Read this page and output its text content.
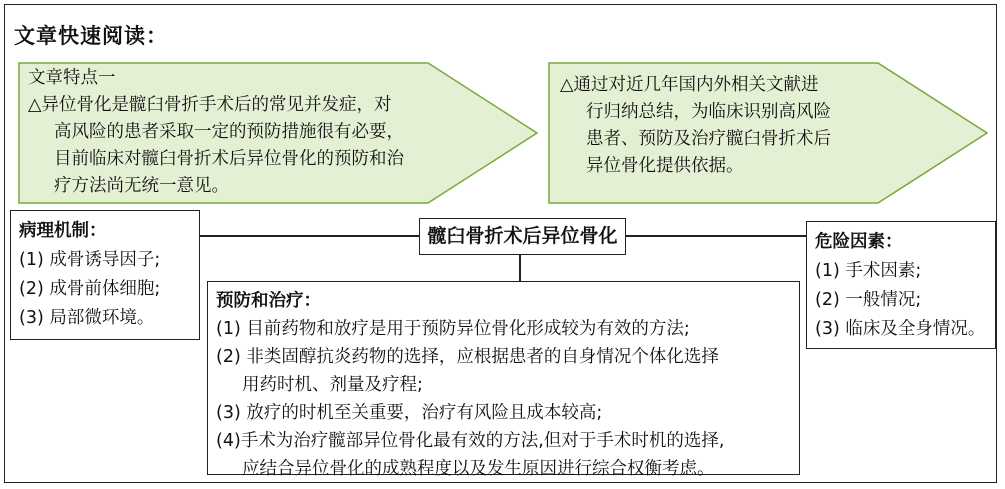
文章快速阅读：
文章特点一
△异位骨化是髋臼骨折手术后的常见并发症，对
高风险的患者采取一定的预防措施很有必要，
目前临床对髋臼骨折术后异位骨化的预防和治
疗方法尚无统一意见。
△通过对近几年国内外相关文献进
行归纳总结，为临床识别高风险
患者、预防及治疗髋臼骨折术后
异位骨化提供依据。
髋臼骨折术后异位骨化
病理机制：
(1) 成骨诱导因子;
(2) 成骨前体细胞;
(3) 局部微环境。
危险因素：
(1) 手术因素;
(2) 一般情况;
(3) 临床及全身情况。
预防和治疗：
(1) 目前药物和放疗是用于预防异位骨化形成较为有效的方法;
(2) 非类固醇抗炎药物的选择，应根据患者的自身情况个体化选择
用药时机、剂量及疗程;
(3) 放疗的时机至关重要，治疗有风险且成本较高;
(4)手术为治疗髋部异位骨化最有效的方法,但对于手术时机的选择,
应结合异位骨化的成熟程度以及发生原因进行综合权衡考虑。
